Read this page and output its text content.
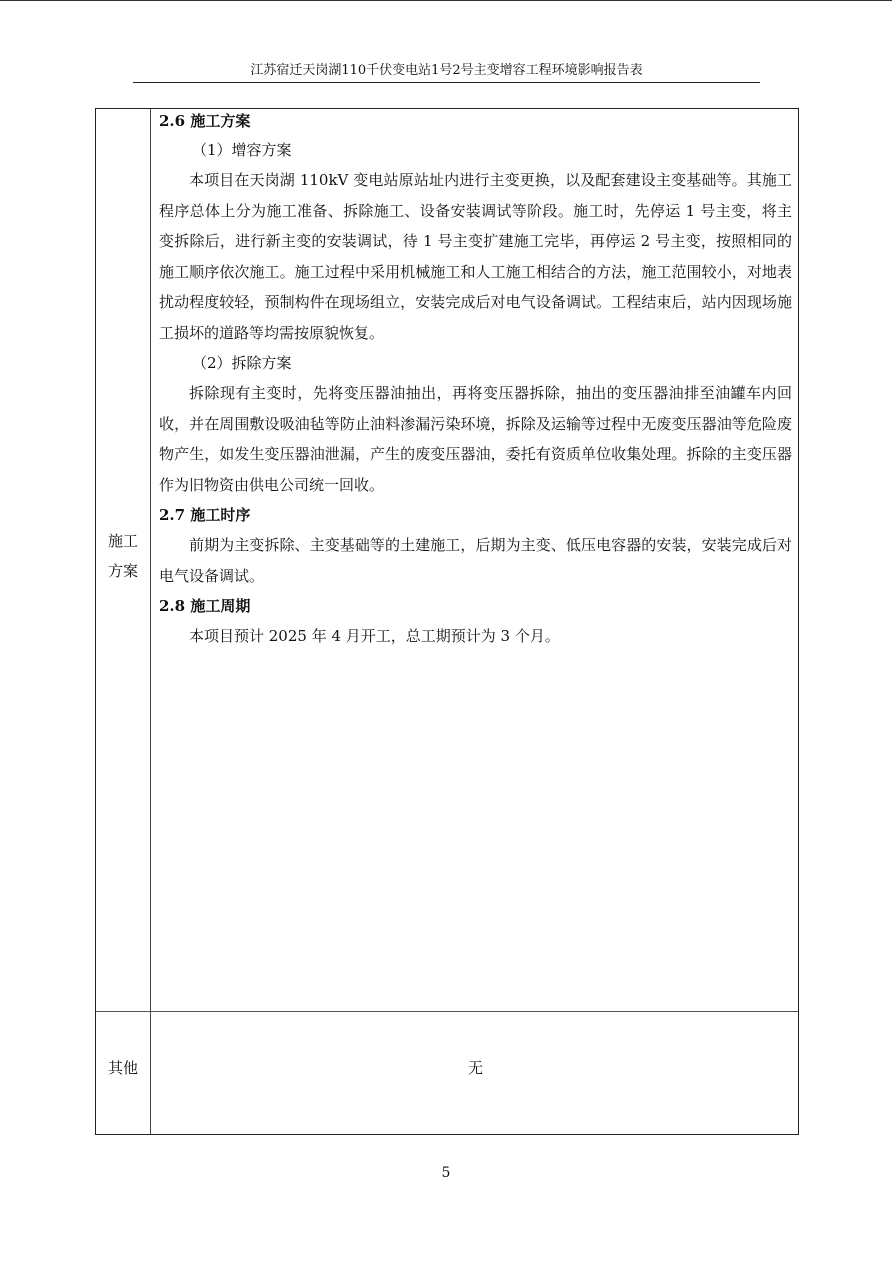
江苏宿迁天岗湖110千伏变电站1号2号主变增容工程环境影响报告表
施工
方案
2.6 施工方案
（1）增容方案
本项目在天岗湖 110kV 变电站原站址内进行主变更换，以及配套建设主变基础等。其施工程序总体上分为施工准备、拆除施工、设备安装调试等阶段。施工时，先停运 1 号主变，将主变拆除后，进行新主变的安装调试，待 1 号主变扩建施工完毕，再停运 2 号主变，按照相同的施工顺序依次施工。施工过程中采用机械施工和人工施工相结合的方法，施工范围较小，对地表扰动程度较轻，预制构件在现场组立，安装完成后对电气设备调试。工程结束后，站内因现场施工损坏的道路等均需按原貌恢复。
（2）拆除方案
拆除现有主变时，先将变压器油抽出，再将变压器拆除，抽出的变压器油排至油罐车内回收，并在周围敷设吸油毡等防止油料渗漏污染环境，拆除及运输等过程中无废变压器油等危险废物产生，如发生变压器油泄漏，产生的废变压器油，委托有资质单位收集处理。拆除的主变压器作为旧物资由供电公司统一回收。
2.7 施工时序
前期为主变拆除、主变基础等的土建施工，后期为主变、低压电容器的安装，安装完成后对电气设备调试。
2.8 施工周期
本项目预计 2025 年 4 月开工，总工期预计为 3 个月。
其他	无
5
